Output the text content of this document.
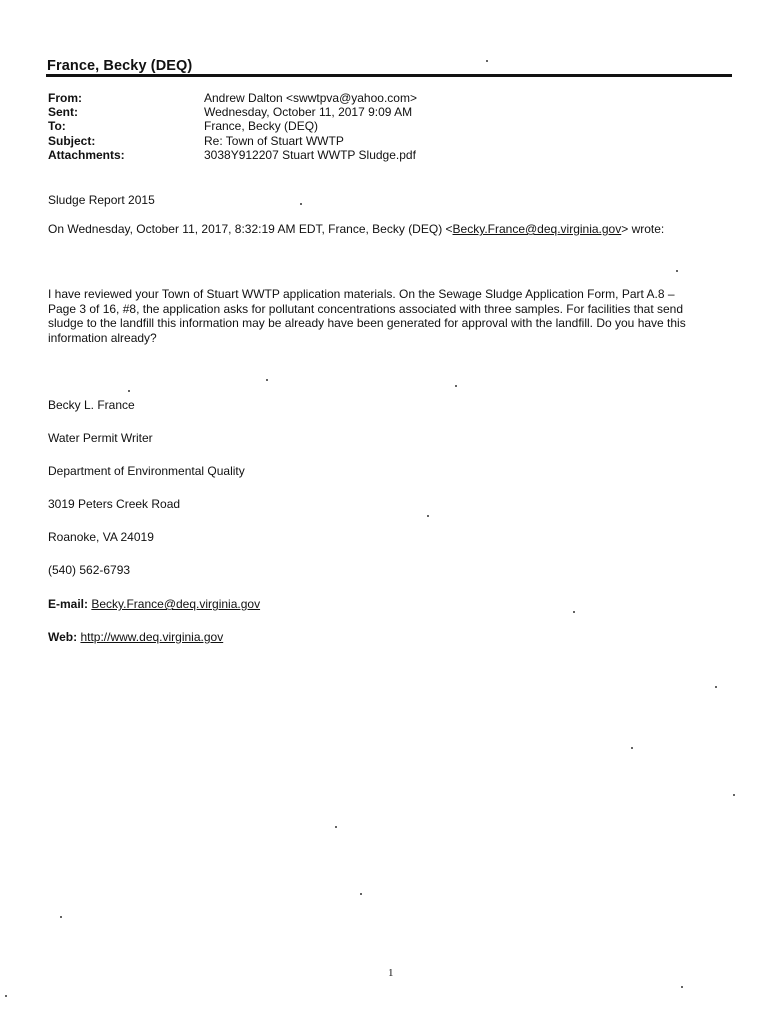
France, Becky (DEQ)
From:	Andrew Dalton <swwtpva@yahoo.com>
Sent:	Wednesday, October 11, 2017 9:09 AM
To:	France, Becky (DEQ)
Subject:	Re: Town of Stuart WWTP
Attachments:	3038Y912207 Stuart WWTP Sludge.pdf
Sludge Report 2015
On Wednesday, October 11, 2017, 8:32:19 AM EDT, France, Becky (DEQ) <Becky.France@deq.virginia.gov> wrote:
I have reviewed your Town of Stuart WWTP application materials. On the Sewage Sludge Application Form, Part A.8 –
Page 3 of 16, #8, the application asks for pollutant concentrations associated with three samples. For facilities that send
sludge to the landfill this information may be already have been generated for approval with the landfill. Do you have this
information already?
Becky L. France
Water Permit Writer
Department of Environmental Quality
3019 Peters Creek Road
Roanoke, VA 24019
(540) 562-6793
E-mail: Becky.France@deq.virginia.gov
Web: http://www.deq.virginia.gov
1
